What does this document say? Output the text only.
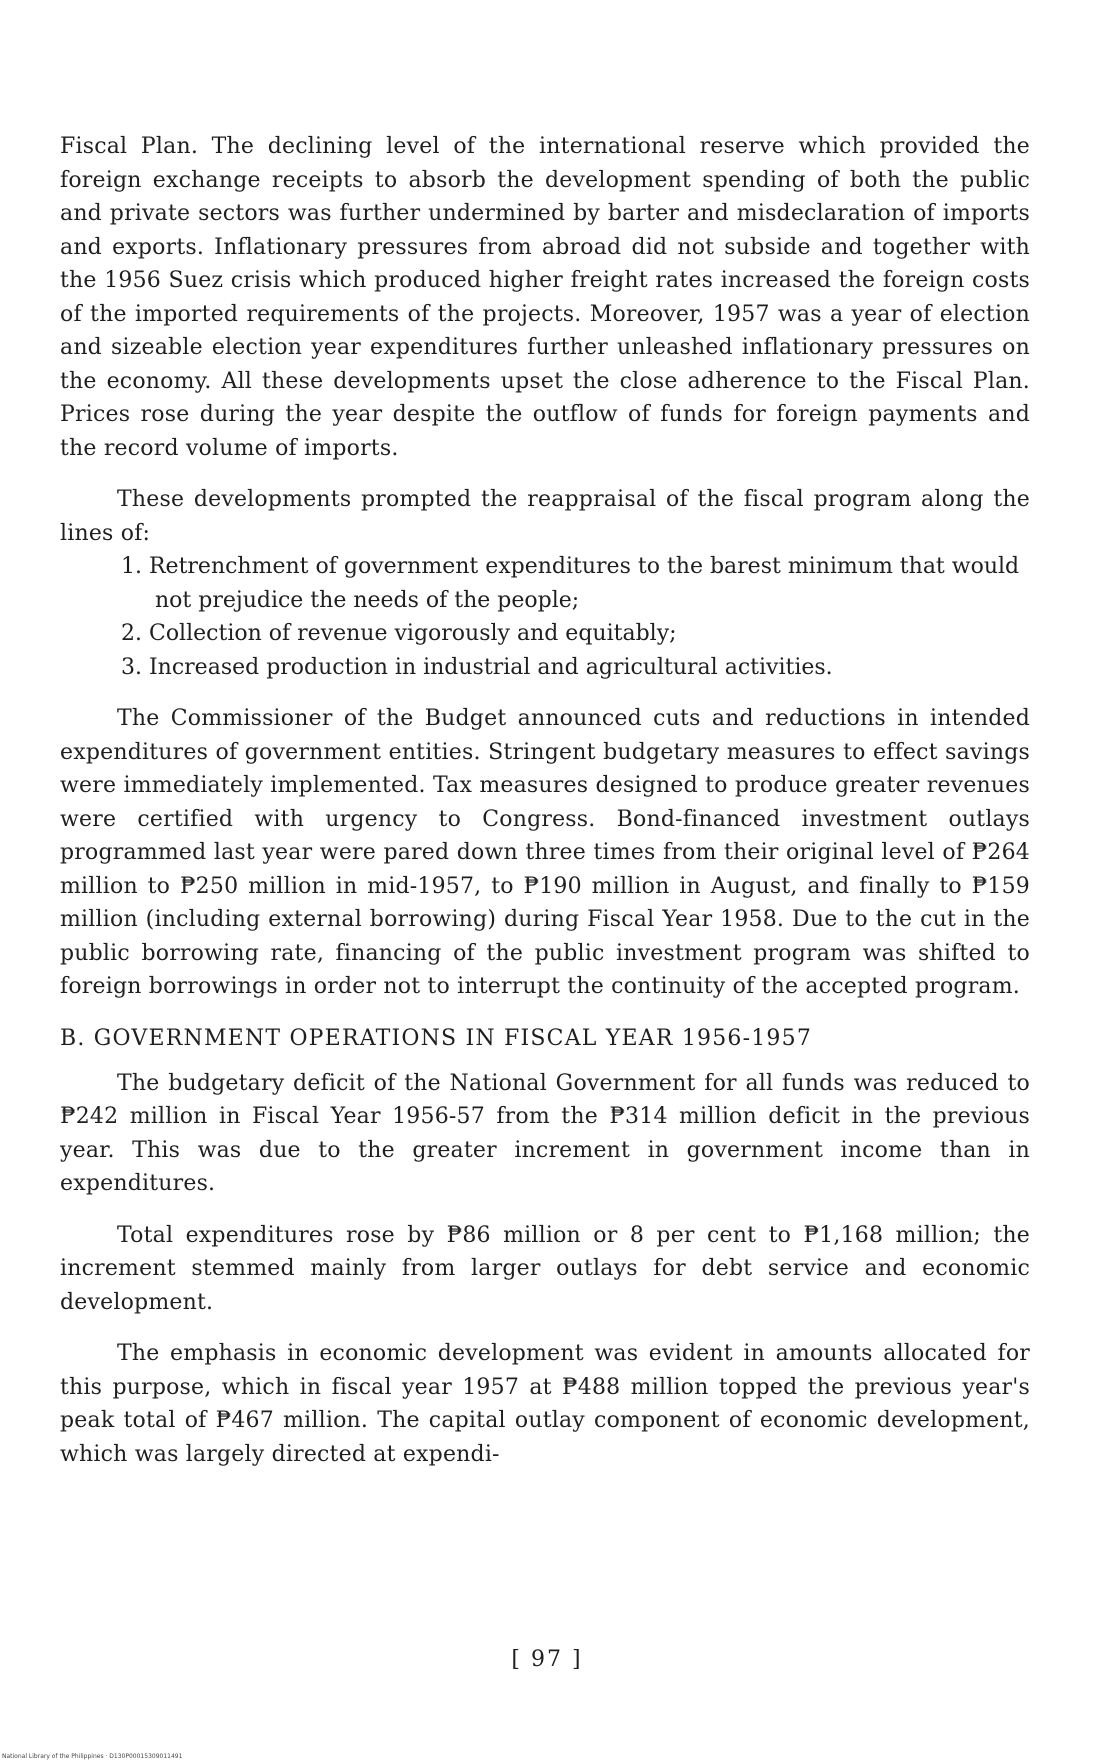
Fiscal Plan. The declining level of the international reserve which provided the foreign exchange receipts to absorb the development spending of both the public and private sectors was further undermined by barter and misdeclaration of imports and exports. Inflationary pressures from abroad did not subside and together with the 1956 Suez crisis which produced higher freight rates increased the foreign costs of the imported requirements of the projects. Moreover, 1957 was a year of election and sizeable election year expenditures further unleashed inflationary pressures on the economy. All these developments upset the close adherence to the Fiscal Plan. Prices rose during the year despite the outflow of funds for foreign payments and the record volume of imports.

These developments prompted the reappraisal of the fiscal program along the lines of:

1. Retrenchment of government expenditures to the barest minimum that would not prejudice the needs of the people;
2. Collection of revenue vigorously and equitably;
3. Increased production in industrial and agricultural activities.

The Commissioner of the Budget announced cuts and reductions in intended expenditures of government entities. Stringent budgetary measures to effect savings were immediately implemented. Tax measures designed to produce greater revenues were certified with urgency to Congress. Bond-financed investment outlays programmed last year were pared down three times from their original level of ₱264 million to ₱250 million in mid-1957, to ₱190 million in August, and finally to ₱159 million (including external borrowing) during Fiscal Year 1958. Due to the cut in the public borrowing rate, financing of the public investment program was shifted to foreign borrowings in order not to interrupt the continuity of the accepted program.

B. GOVERNMENT OPERATIONS IN FISCAL YEAR 1956-1957

The budgetary deficit of the National Government for all funds was reduced to ₱242 million in Fiscal Year 1956-57 from the ₱314 million deficit in the previous year. This was due to the greater increment in government income than in expenditures.

Total expenditures rose by ₱86 million or 8 per cent to ₱1,168 million; the increment stemmed mainly from larger outlays for debt service and economic development.

The emphasis in economic development was evident in amounts allocated for this purpose, which in fiscal year 1957 at ₱488 million topped the previous year's peak total of ₱467 million. The capital outlay component of economic development, which was largely directed at expendi-

[ 97 ]
National Library of the Philippines · D130P00015309011491
